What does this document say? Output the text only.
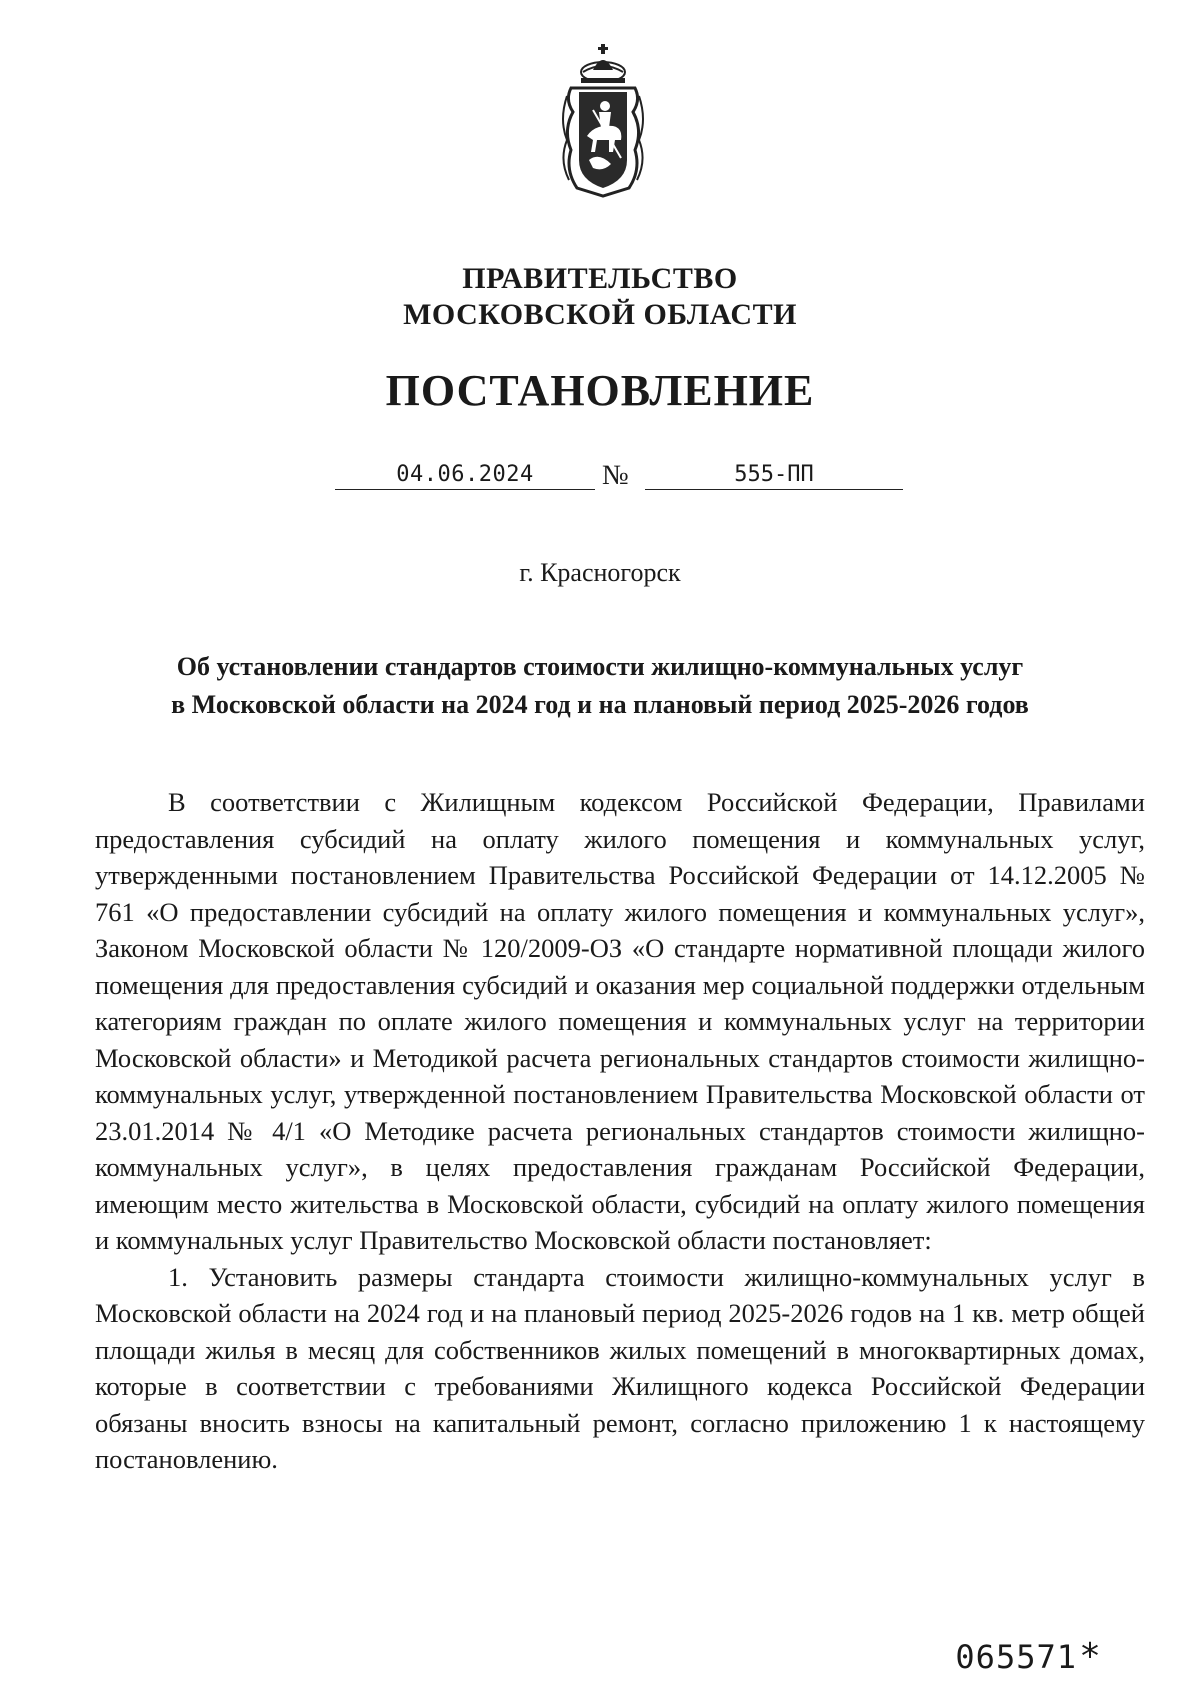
ПРАВИТЕЛЬСТВО
МОСКОВСКОЙ ОБЛАСТИ
ПОСТАНОВЛЕНИЕ
04.06.2024	№	555-ПП
г. Красногорск
Об установлении стандартов стоимости жилищно-коммунальных услуг
в Московской области на 2024 год и на плановый период 2025-2026 годов

В соответствии с Жилищным кодексом Российской Федерации, Правилами предоставления субсидий на оплату жилого помещения и коммунальных услуг, утвержденными постановлением Правительства Российской Федерации от 14.12.2005 № 761 «О предоставлении субсидий на оплату жилого помещения и коммунальных услуг», Законом Московской области № 120/2009-ОЗ «О стандарте нормативной площади жилого помещения для предоставления субсидий и оказания мер социальной поддержки отдельным категориям граждан по оплате жилого помещения и коммунальных услуг на территории Московской области» и Методикой расчета региональных стандартов стоимости жилищно-коммунальных услуг, утвержденной постановлением Правительства Московской области от 23.01.2014 № 4/1 «О Методике расчета региональных стандартов стоимости жилищно-коммунальных услуг», в целях предоставления гражданам Российской Федерации, имеющим место жительства в Московской области, субсидий на оплату жилого помещения и коммунальных услуг Правительство Московской области постановляет:

1. Установить размеры стандарта стоимости жилищно-коммунальных услуг в Московской области на 2024 год и на плановый период 2025-2026 годов на 1 кв. метр общей площади жилья в месяц для собственников жилых помещений в многоквартирных домах, которые в соответствии с требованиями Жилищного кодекса Российской Федерации обязаны вносить взносы на капитальный ремонт, согласно приложению 1 к настоящему постановлению.

065571 *
